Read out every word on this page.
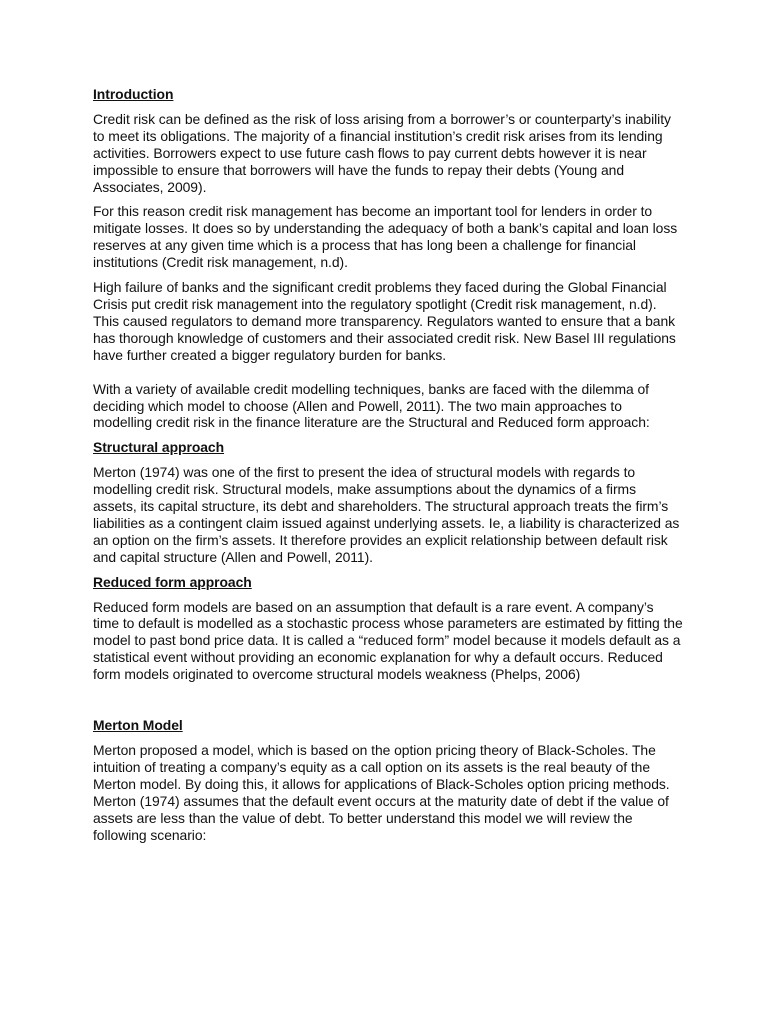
Introduction

Credit risk can be defined as the risk of loss arising from a borrower’s or counterparty’s inability to meet its obligations. The majority of a financial institution’s credit risk arises from its lending activities. Borrowers expect to use future cash flows to pay current debts however it is near impossible to ensure that borrowers will have the funds to repay their debts (Young and Associates, 2009).

For this reason credit risk management has become an important tool for lenders in order to mitigate losses. It does so by understanding the adequacy of both a bank’s capital and loan loss reserves at any given time which is a process that has long been a challenge for financial institutions (Credit risk management, n.d).

High failure of banks and the significant credit problems they faced during the Global Financial Crisis put credit risk management into the regulatory spotlight (Credit risk management, n.d). This caused regulators to demand more transparency. Regulators wanted to ensure that a bank has thorough knowledge of customers and their associated credit risk. New Basel III regulations have further created a bigger regulatory burden for banks.

With a variety of available credit modelling techniques, banks are faced with the dilemma of deciding which model to choose (Allen and Powell, 2011). The two main approaches to modelling credit risk in the finance literature are the Structural and Reduced form approach:

Structural approach

Merton (1974) was one of the first to present the idea of structural models with regards to modelling credit risk. Structural models, make assumptions about the dynamics of a firms assets, its capital structure, its debt and shareholders. The structural approach treats the firm’s liabilities as a contingent claim issued against underlying assets. Ie, a liability is characterized as an option on the firm’s assets. It therefore provides an explicit relationship between default risk and capital structure (Allen and Powell, 2011).

Reduced form approach

Reduced form models are based on an assumption that default is a rare event. A company’s time to default is modelled as a stochastic process whose parameters are estimated by fitting the model to past bond price data. It is called a “reduced form” model because it models default as a statistical event without providing an economic explanation for why a default occurs. Reduced form models originated to overcome structural models weakness (Phelps, 2006)

Merton Model

Merton proposed a model, which is based on the option pricing theory of Black-Scholes. The intuition of treating a company’s equity as a call option on its assets is the real beauty of the Merton model. By doing this, it allows for applications of Black-Scholes option pricing methods. Merton (1974) assumes that the default event occurs at the maturity date of debt if the value of assets are less than the value of debt. To better understand this model we will review the following scenario:
